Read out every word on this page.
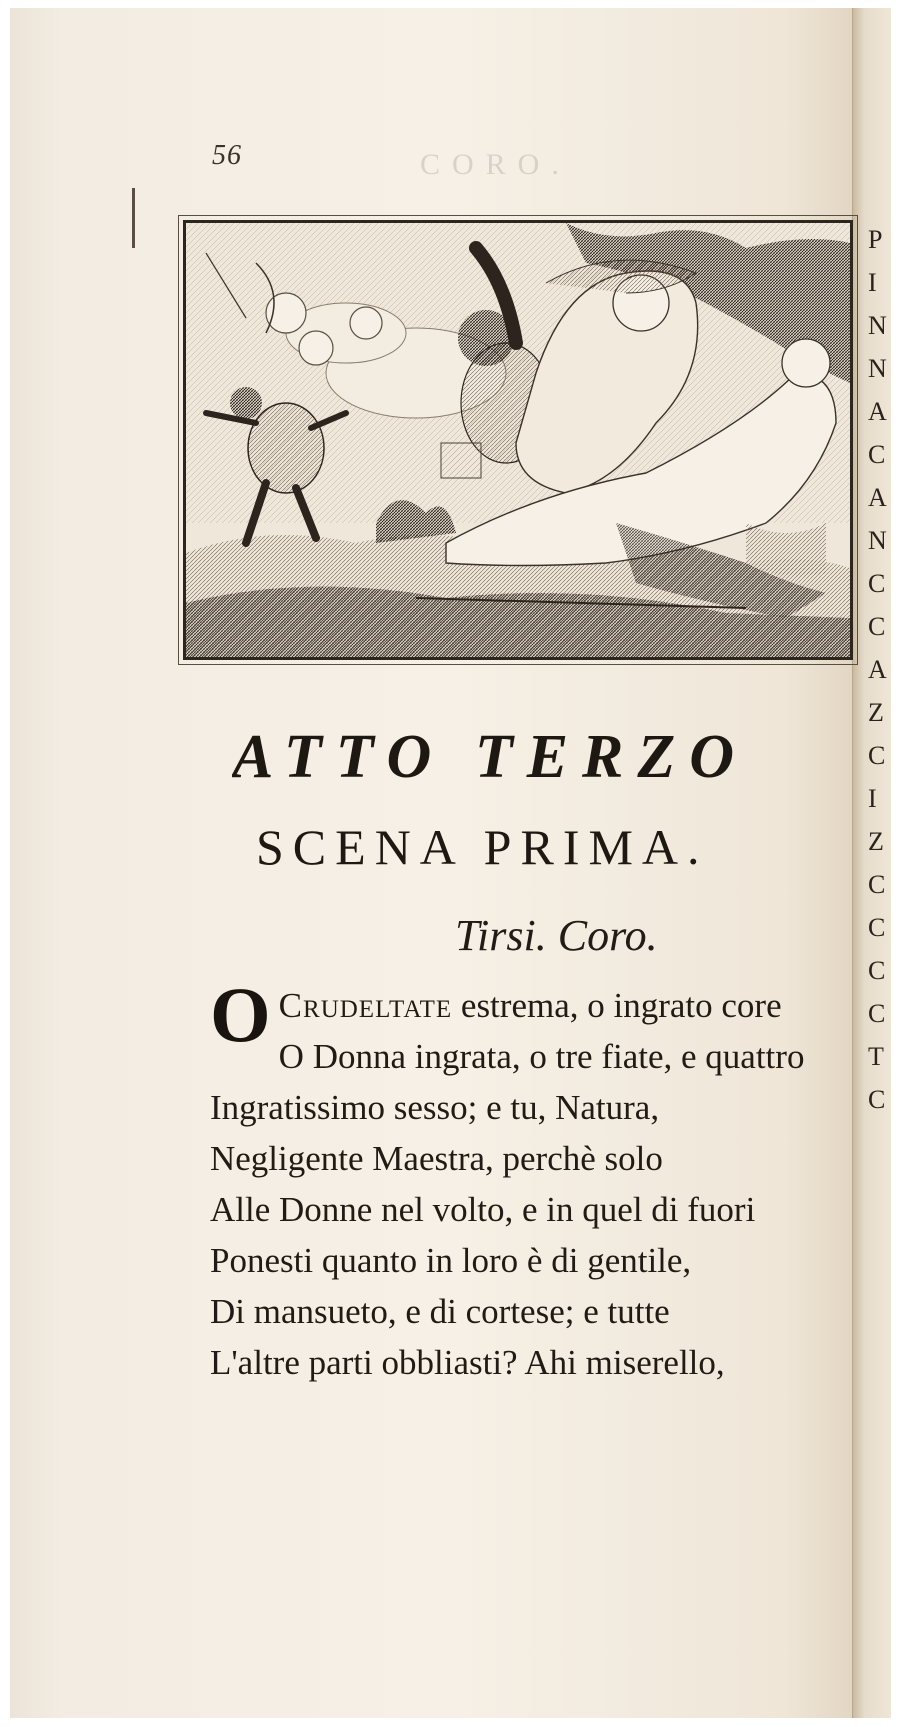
P I N N A C A N C C A Z C I Z C C C C T C
CORO.
56
ATTO TERZO
SCENA PRIMA.
Tirsi. Coro.
O Crudeltate estrema, o ingrato core
O Donna ingrata, o tre fiate, e quattro
Ingratissimo sesso; e tu, Natura,
Negligente Maestra, perchè solo
Alle Donne nel volto, e in quel di fuori
Ponesti quanto in loro è di gentile,
Di mansueto, e di cortese; e tutte
L'altre parti obbliasti? Ahi miserello,
